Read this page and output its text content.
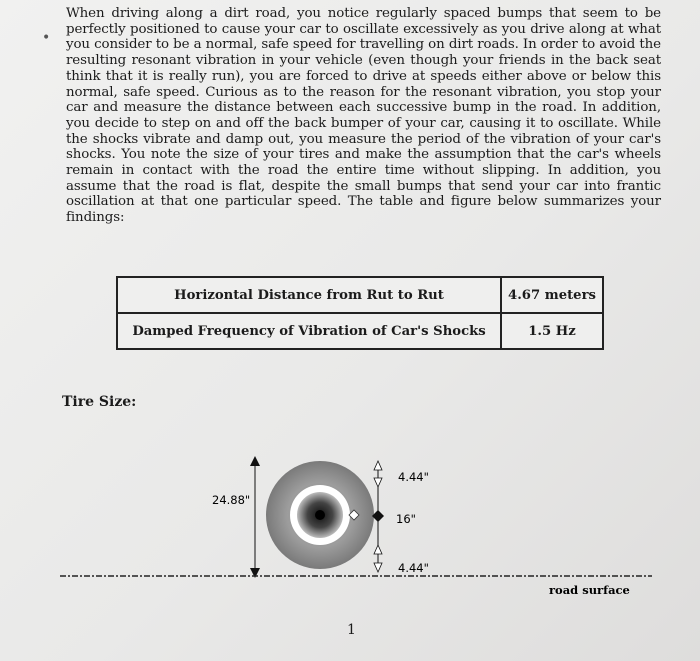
•
When driving along a dirt road, you notice regularly spaced bumps that seem to be perfectly positioned to cause your car to oscillate excessively as you drive along at what you consider to be a normal, safe speed for travelling on dirt roads. In order to avoid the resulting resonant vibration in your vehicle (even though your friends in the back seat think that it is really run), you are forced to drive at speeds either above or below this normal, safe speed. Curious as to the reason for the resonant vibration, you stop your car and measure the distance between each successive bump in the road. In addition, you decide to step on and off the back bumper of your car, causing it to oscillate. While the shocks vibrate and damp out, you measure the period of the vibration of your car's shocks. You note the size of your tires and make the assumption that the car's wheels remain in contact with the road the entire time without slipping. In addition, you assume that the road is flat, despite the small bumps that send your car into frantic oscillation at that one particular speed. The table and figure below summarizes your findings:
Horizontal Distance from Rut to Rut	4.67 meters
Damped Frequency of Vibration of Car's Shocks	1.5 Hz
Tire Size:
24.88"
4.44"
16"
4.44"
road surface
1
